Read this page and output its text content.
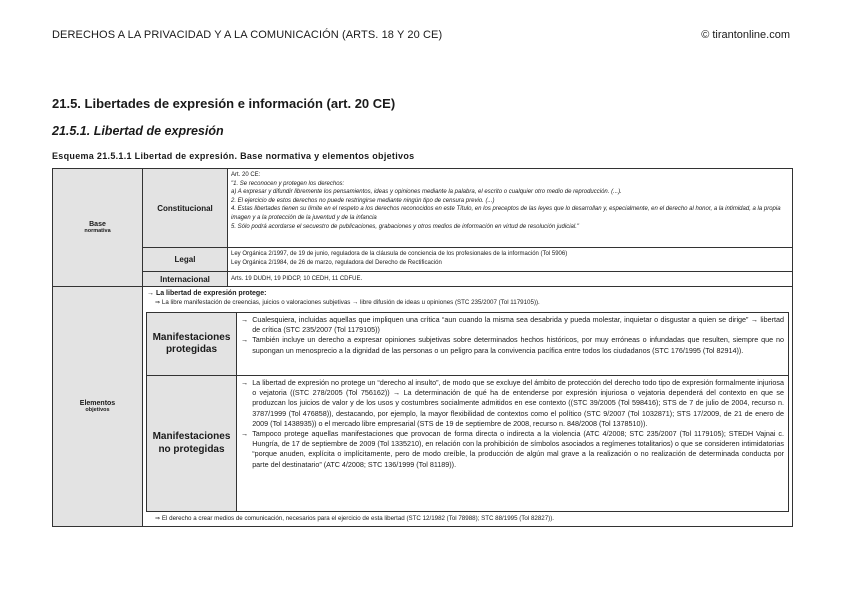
DERECHOS A LA PRIVACIDAD Y A LA COMUNICACIÓN (ARTS. 18 Y 20 CE)	© tirantonline.com
21.5. Libertades de expresión e información (art. 20 CE)
21.5.1. Libertad de expresión
Esquema 21.5.1.1 Libertad de expresión. Base normativa y elementos objetivos
Base
normativa
Constitucional
Art. 20 CE:
"1. Se reconocen y protegen los derechos:
a) A expresar y difundir libremente los pensamientos, ideas y opiniones mediante la palabra, el escrito o cualquier otro medio de reproducción. (...).
2. El ejercicio de estos derechos no puede restringirse mediante ningún tipo de censura previo. (...)
4. Estas libertades tienen su límite en el respeto a los derechos reconocidos en este Título, en los preceptos de las leyes que lo desarrollan y, especialmente, en el derecho al honor, a la intimidad, a la propia imagen y a la protección de la juventud y de la infancia
5. Sólo podrá acordarse el secuestro de publicaciones, grabaciones y otros medios de información en virtud de resolución judicial."
Legal
Ley Orgánica 2/1997, de 19 de junio, reguladora de la cláusula de conciencia de los profesionales de la información (Tol 5906)
Ley Orgánica 2/1984, de 26 de marzo, reguladora del Derecho de Rectificación
Internacional	Arts. 19 DUDH, 19 PIDCP, 10 CEDH, 11 CDFUE.
Elementos
objetivos
→ La libertad de expresión protege:
⇒ La libre manifestación de creencias, juicios o valoraciones subjetivas → libre difusión de ideas u opiniones (STC 235/2007 (Tol 1179105)).
Manifestaciones protegidas
→ Cualesquiera, incluidas aquellas que impliquen una crítica “aun cuando la misma sea desabrida y pueda molestar, inquietar o disgustar a quien se dirige” → libertad de crítica (STC 235/2007 (Tol 1179105))
→ También incluye un derecho a expresar opiniones subjetivas sobre determinados hechos históricos, por muy erróneas o infundadas que resulten, siempre que no supongan un menosprecio a la dignidad de las personas o un peligro para la convivencia pacífica entre todos los ciudadanos (STC 176/1995 (Tol 82914)).
Manifestaciones no protegidas
→ La libertad de expresión no protege un “derecho al insulto”, de modo que se excluye del ámbito de protección del derecho todo tipo de expresión formalmente injuriosa o vejatoria ((STC 278/2005 (Tol 756162)) → La determinación de qué ha de entenderse por expresión injuriosa o vejatoria dependerá del contexto en que se produzcan los juicios de valor y de los usos y costumbres socialmente admitidos en ese contexto ((STC 39/2005 (Tol 598416); STS de 7 de julio de 2004, recurso n. 3787/1999 (Tol 476858)), destacando, por ejemplo, la mayor flexibilidad de contextos como el político (STC 9/2007 (Tol 1032871); STS 17/2009, de 21 de enero de 2009 (Tol 1438935)) o el mercado libre empresarial (STS de 19 de septiembre de 2008, recurso n. 848/2008 (Tol 1378510)).
→ Tampoco protege aquellas manifestaciones que provocan de forma directa o indirecta a la violencia (ATC 4/2008; STC 235/2007 (Tol 1179105); STEDH Vajnai c. Hungría, de 17 de septiembre de 2009 (Tol 1335210), en relación con la prohibición de símbolos asociados a regímenes totalitarios) o que se consideren intimidatorias “porque anuden, explícita o implícitamente, pero de modo creíble, la producción de algún mal grave a la realización o no realización de determinada conducta por parte del destinatario” (ATC 4/2008; STC 136/1999 (Tol 81189)).
⇒ El derecho a crear medios de comunicación, necesarios para el ejercicio de esta libertad (STC 12/1982 (Tol 78988); STC 88/1995 (Tol 82827)).
